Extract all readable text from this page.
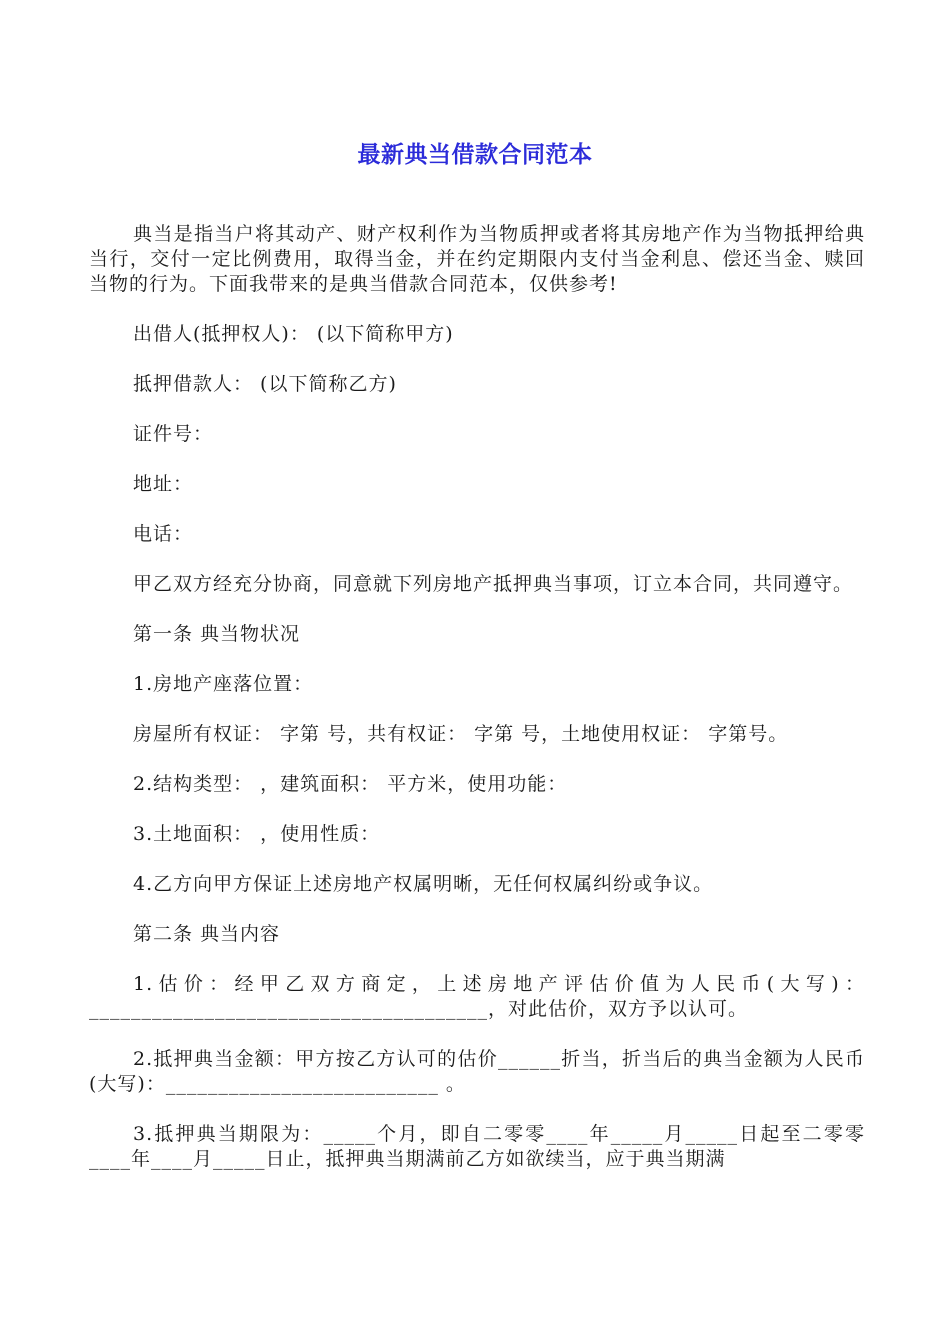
最新典当借款合同范本

典当是指当户将其动产、财产权利作为当物质押或者将其房地产作为当物抵押给典当行，交付一定比例费用，取得当金，并在约定期限内支付当金利息、偿还当金、赎回当物的行为。下面我带来的是典当借款合同范本，仅供参考!

出借人(抵押权人)： (以下简称甲方)

抵押借款人： (以下简称乙方)

证件号：

地址：

电话：

甲乙双方经充分协商，同意就下列房地产抵押典当事项，订立本合同，共同遵守。

第一条 典当物状况

1.房地产座落位置：

房屋所有权证： 字第 号，共有权证： 字第 号，土地使用权证： 字第号。

2.结构类型： ，建筑面积： 平方米，使用功能：

3.土地面积： ，使用性质：

4.乙方向甲方保证上述房地产权属明晰，无任何权属纠纷或争议。

第二条 典当内容

1.估价：经甲乙双方商定，上述房地产评估价值为人民币(大写)：______________________________________，对此估价，双方予以认可。

2.抵押典当金额：甲方按乙方认可的估价______折当，折当后的典当金额为人民币(大写)：__________________________ 。

3.抵押典当期限为：_____个月，即自二零零____年_____月_____日起至二零零____年____月_____日止，抵押典当期满前乙方如欲续当，应于典当期满
